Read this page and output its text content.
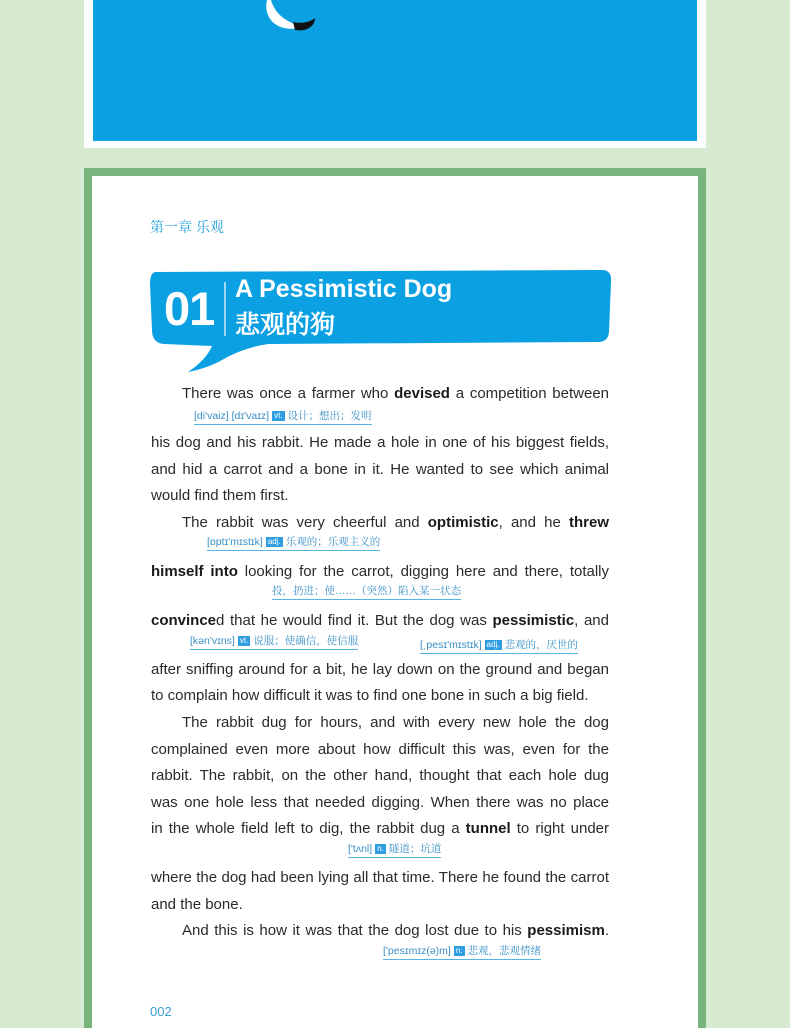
第一章 乐观
01 A Pessimistic Dog
悲观的狗
There was once a farmer who devised a competition between
[di'vaiz] [dɪ'vaɪz] vt. 设计；想出；发明
his dog and his rabbit. He made a hole in one of his biggest fields,
and hid a carrot and a bone in it. He wanted to see which animal
would find them first.
The rabbit was very cheerful and optimistic, and he threw
[ɒptɪ'mɪstɪk] adj. 乐观的；乐观主义的
himself into looking for the carrot, digging here and there, totally
投，扔进；使……（突然）陷入某一状态
convinced that he would find it. But the dog was pessimistic, and
[kən'vɪns] vt. 说服；使确信，使信服	[ˌpesɪ'mɪstɪk] adj. 悲观的，厌世的
after sniffing around for a bit, he lay down on the ground and began
to complain how difficult it was to find one bone in such a big field.
The rabbit dug for hours, and with every new hole the dog
complained even more about how difficult this was, even for the
rabbit. The rabbit, on the other hand, thought that each hole dug
was one hole less that needed digging. When there was no place
in the whole field left to dig, the rabbit dug a tunnel to right under
['tʌnl] n. 隧道；坑道
where the dog had been lying all that time. There he found the carrot
and the bone.
And this is how it was that the dog lost due to his pessimism.
['pesɪmɪz(ə)m] n. 悲观，悲观情绪
002
